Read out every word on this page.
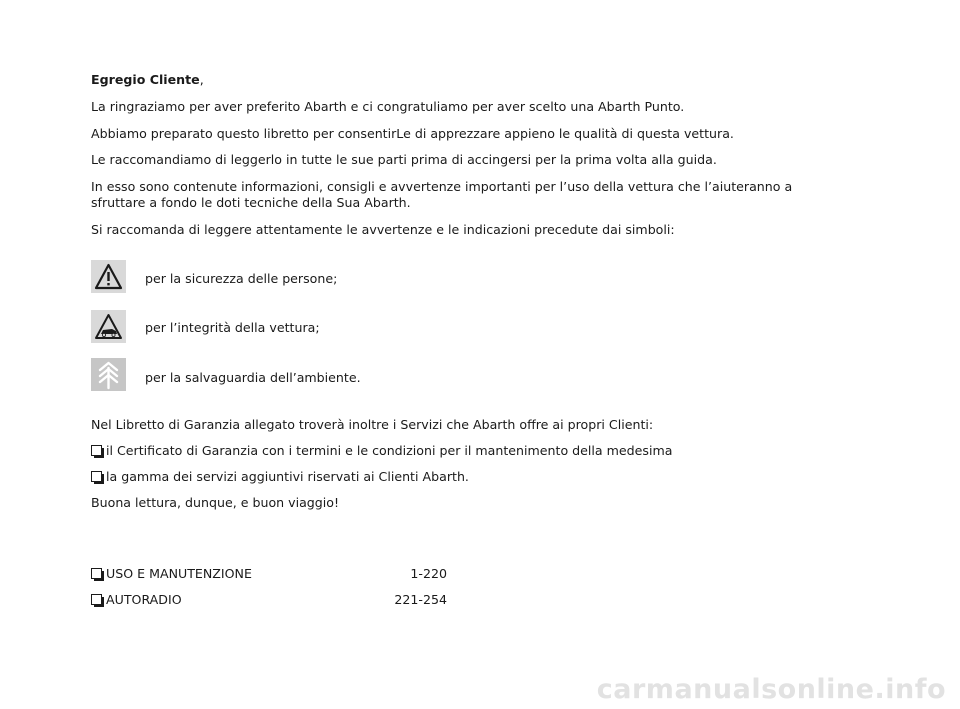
Egregio Cliente,
La ringraziamo per aver preferito Abarth e ci congratuliamo per aver scelto una Abarth Punto.
Abbiamo preparato questo libretto per consentirLe di apprezzare appieno le qualità di questa vettura.
Le raccomandiamo di leggerlo in tutte le sue parti prima di accingersi per la prima volta alla guida.
In esso sono contenute informazioni, consigli e avvertenze importanti per l’uso della vettura che l’aiuteranno a
sfruttare a fondo le doti tecniche della Sua Abarth.
Si raccomanda di leggere attentamente le avvertenze e le indicazioni precedute dai simboli:
per la sicurezza delle persone;
per l’integrità della vettura;
per la salvaguardia dell’ambiente.
Nel Libretto di Garanzia allegato troverà inoltre i Servizi che Abarth offre ai propri Clienti:
il Certificato di Garanzia con i termini e le condizioni per il mantenimento della medesima
la gamma dei servizi aggiuntivi riservati ai Clienti Abarth.
Buona lettura, dunque, e buon viaggio!
USO E MANUTENZIONE	1-220
AUTORADIO	221-254
carmanualsonline.info
